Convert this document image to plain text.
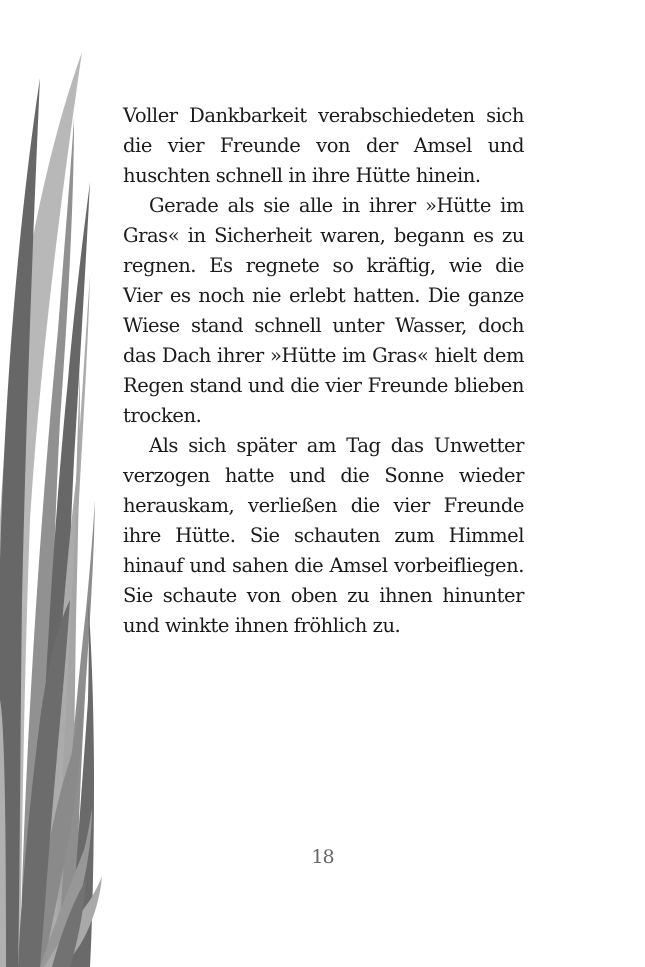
Voller Dankbarkeit verabschiedeten sich die vier Freunde von der Amsel und huschten schnell in ihre Hütte hinein.

Gerade als sie alle in ihrer »Hütte im Gras« in Sicherheit waren, begann es zu regnen. Es regnete so kräftig, wie die Vier es noch nie erlebt hatten. Die ganze Wiese stand schnell unter Wasser, doch das Dach ihrer »Hütte im Gras« hielt dem Regen stand und die vier Freunde blieben trocken.

Als sich später am Tag das Unwetter verzogen hatte und die Sonne wieder herauskam, verließen die vier Freunde ihre Hütte. Sie schauten zum Himmel hinauf und sahen die Amsel vorbeifliegen. Sie schaute von oben zu ihnen hinunter und winkte ihnen fröhlich zu.

18
